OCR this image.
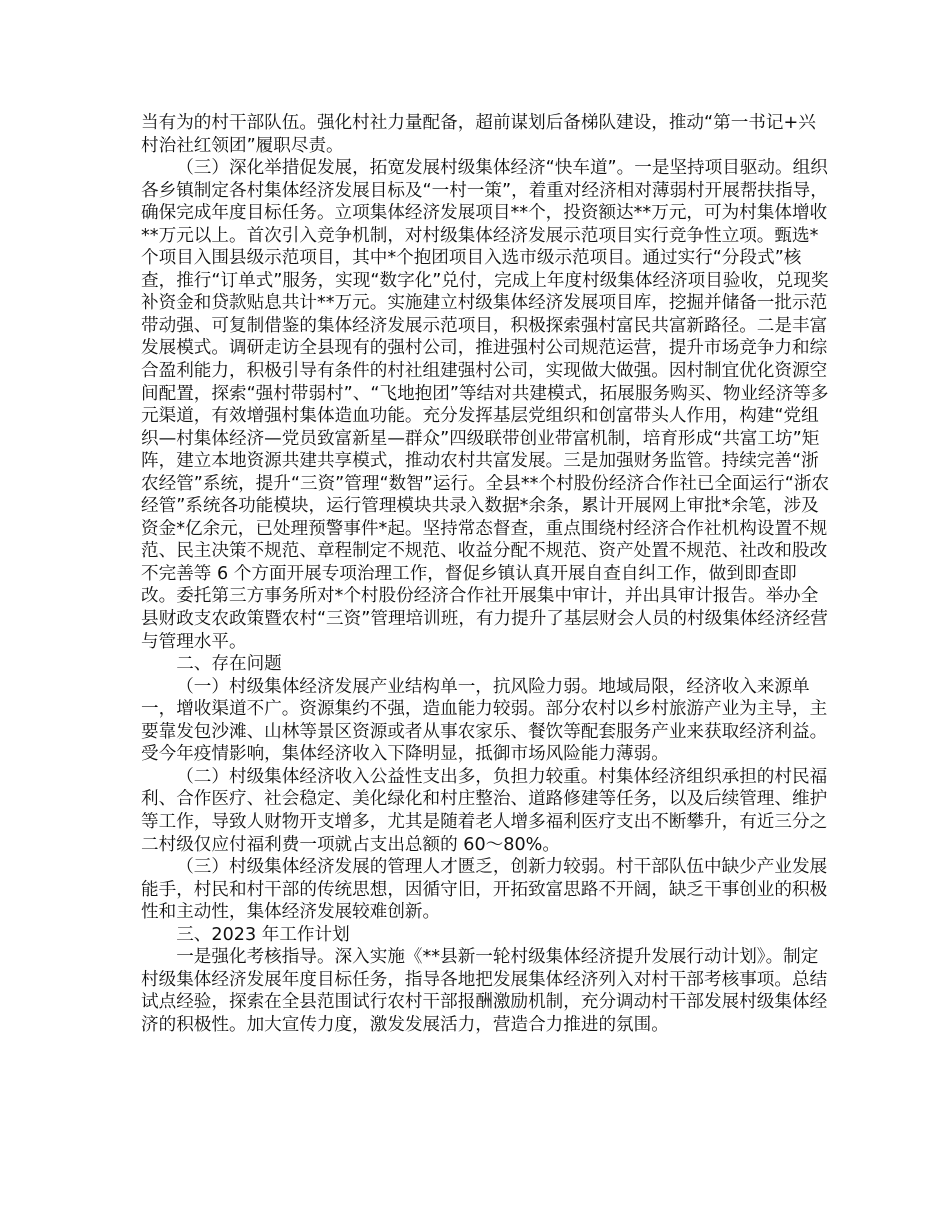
当有为的村干部队伍。强化村社力量配备，超前谋划后备梯队建设，推动“第一书记+兴村治社红领团”履职尽责。

（三）深化举措促发展，拓宽发展村级集体经济“快车道”。一是坚持项目驱动。组织各乡镇制定各村集体经济发展目标及“一村一策”，着重对经济相对薄弱村开展帮扶指导，确保完成年度目标任务。立项集体经济发展项目**个，投资额达**万元，可为村集体增收**万元以上。首次引入竞争机制，对村级集体经济发展示范项目实行竞争性立项。甄选*个项目入围县级示范项目，其中*个抱团项目入选市级示范项目。通过实行“分段式”核查，推行“订单式”服务，实现“数字化”兑付，完成上年度村级集体经济项目验收，兑现奖补资金和贷款贴息共计**万元。实施建立村级集体经济发展项目库，挖掘并储备一批示范带动强、可复制借鉴的集体经济发展示范项目，积极探索强村富民共富新路径。二是丰富发展模式。调研走访全县现有的强村公司，推进强村公司规范运营，提升市场竞争力和综合盈利能力，积极引导有条件的村社组建强村公司，实现做大做强。因村制宜优化资源空间配置，探索“强村带弱村”、“飞地抱团”等结对共建模式，拓展服务购买、物业经济等多元渠道，有效增强村集体造血功能。充分发挥基层党组织和创富带头人作用，构建“党组织—村集体经济—党员致富新星—群众”四级联带创业带富机制，培育形成“共富工坊”矩阵，建立本地资源共建共享模式，推动农村共富发展。三是加强财务监管。持续完善“浙农经管”系统，提升“三资”管理“数智”运行。全县**个村股份经济合作社已全面运行“浙农经管”系统各功能模块，运行管理模块共录入数据*余条，累计开展网上审批*余笔，涉及资金*亿余元，已处理预警事件*起。坚持常态督查，重点围绕村经济合作社机构设置不规范、民主决策不规范、章程制定不规范、收益分配不规范、资产处置不规范、社改和股改不完善等 6 个方面开展专项治理工作，督促乡镇认真开展自查自纠工作，做到即查即改。委托第三方事务所对*个村股份经济合作社开展集中审计，并出具审计报告。举办全县财政支农政策暨农村“三资”管理培训班，有力提升了基层财会人员的村级集体经济经营与管理水平。

二、存在问题

（一）村级集体经济发展产业结构单一，抗风险力弱。地域局限，经济收入来源单一，增收渠道不广。资源集约不强，造血能力较弱。部分农村以乡村旅游产业为主导，主要靠发包沙滩、山林等景区资源或者从事农家乐、餐饮等配套服务产业来获取经济利益。受今年疫情影响，集体经济收入下降明显，抵御市场风险能力薄弱。

（二）村级集体经济收入公益性支出多，负担力较重。村集体经济组织承担的村民福利、合作医疗、社会稳定、美化绿化和村庄整治、道路修建等任务，以及后续管理、维护等工作，导致人财物开支增多，尤其是随着老人增多福利医疗支出不断攀升，有近三分之二村级仅应付福利费一项就占支出总额的 60～80%。

（三）村级集体经济发展的管理人才匮乏，创新力较弱。村干部队伍中缺少产业发展能手，村民和村干部的传统思想，因循守旧，开拓致富思路不开阔，缺乏干事创业的积极性和主动性，集体经济发展较难创新。

三、2023 年工作计划

一是强化考核指导。深入实施《**县新一轮村级集体经济提升发展行动计划》。制定村级集体经济发展年度目标任务，指导各地把发展集体经济列入对村干部考核事项。总结试点经验，探索在全县范围试行农村干部报酬激励机制，充分调动村干部发展村级集体经济的积极性。加大宣传力度，激发发展活力，营造合力推进的氛围。
